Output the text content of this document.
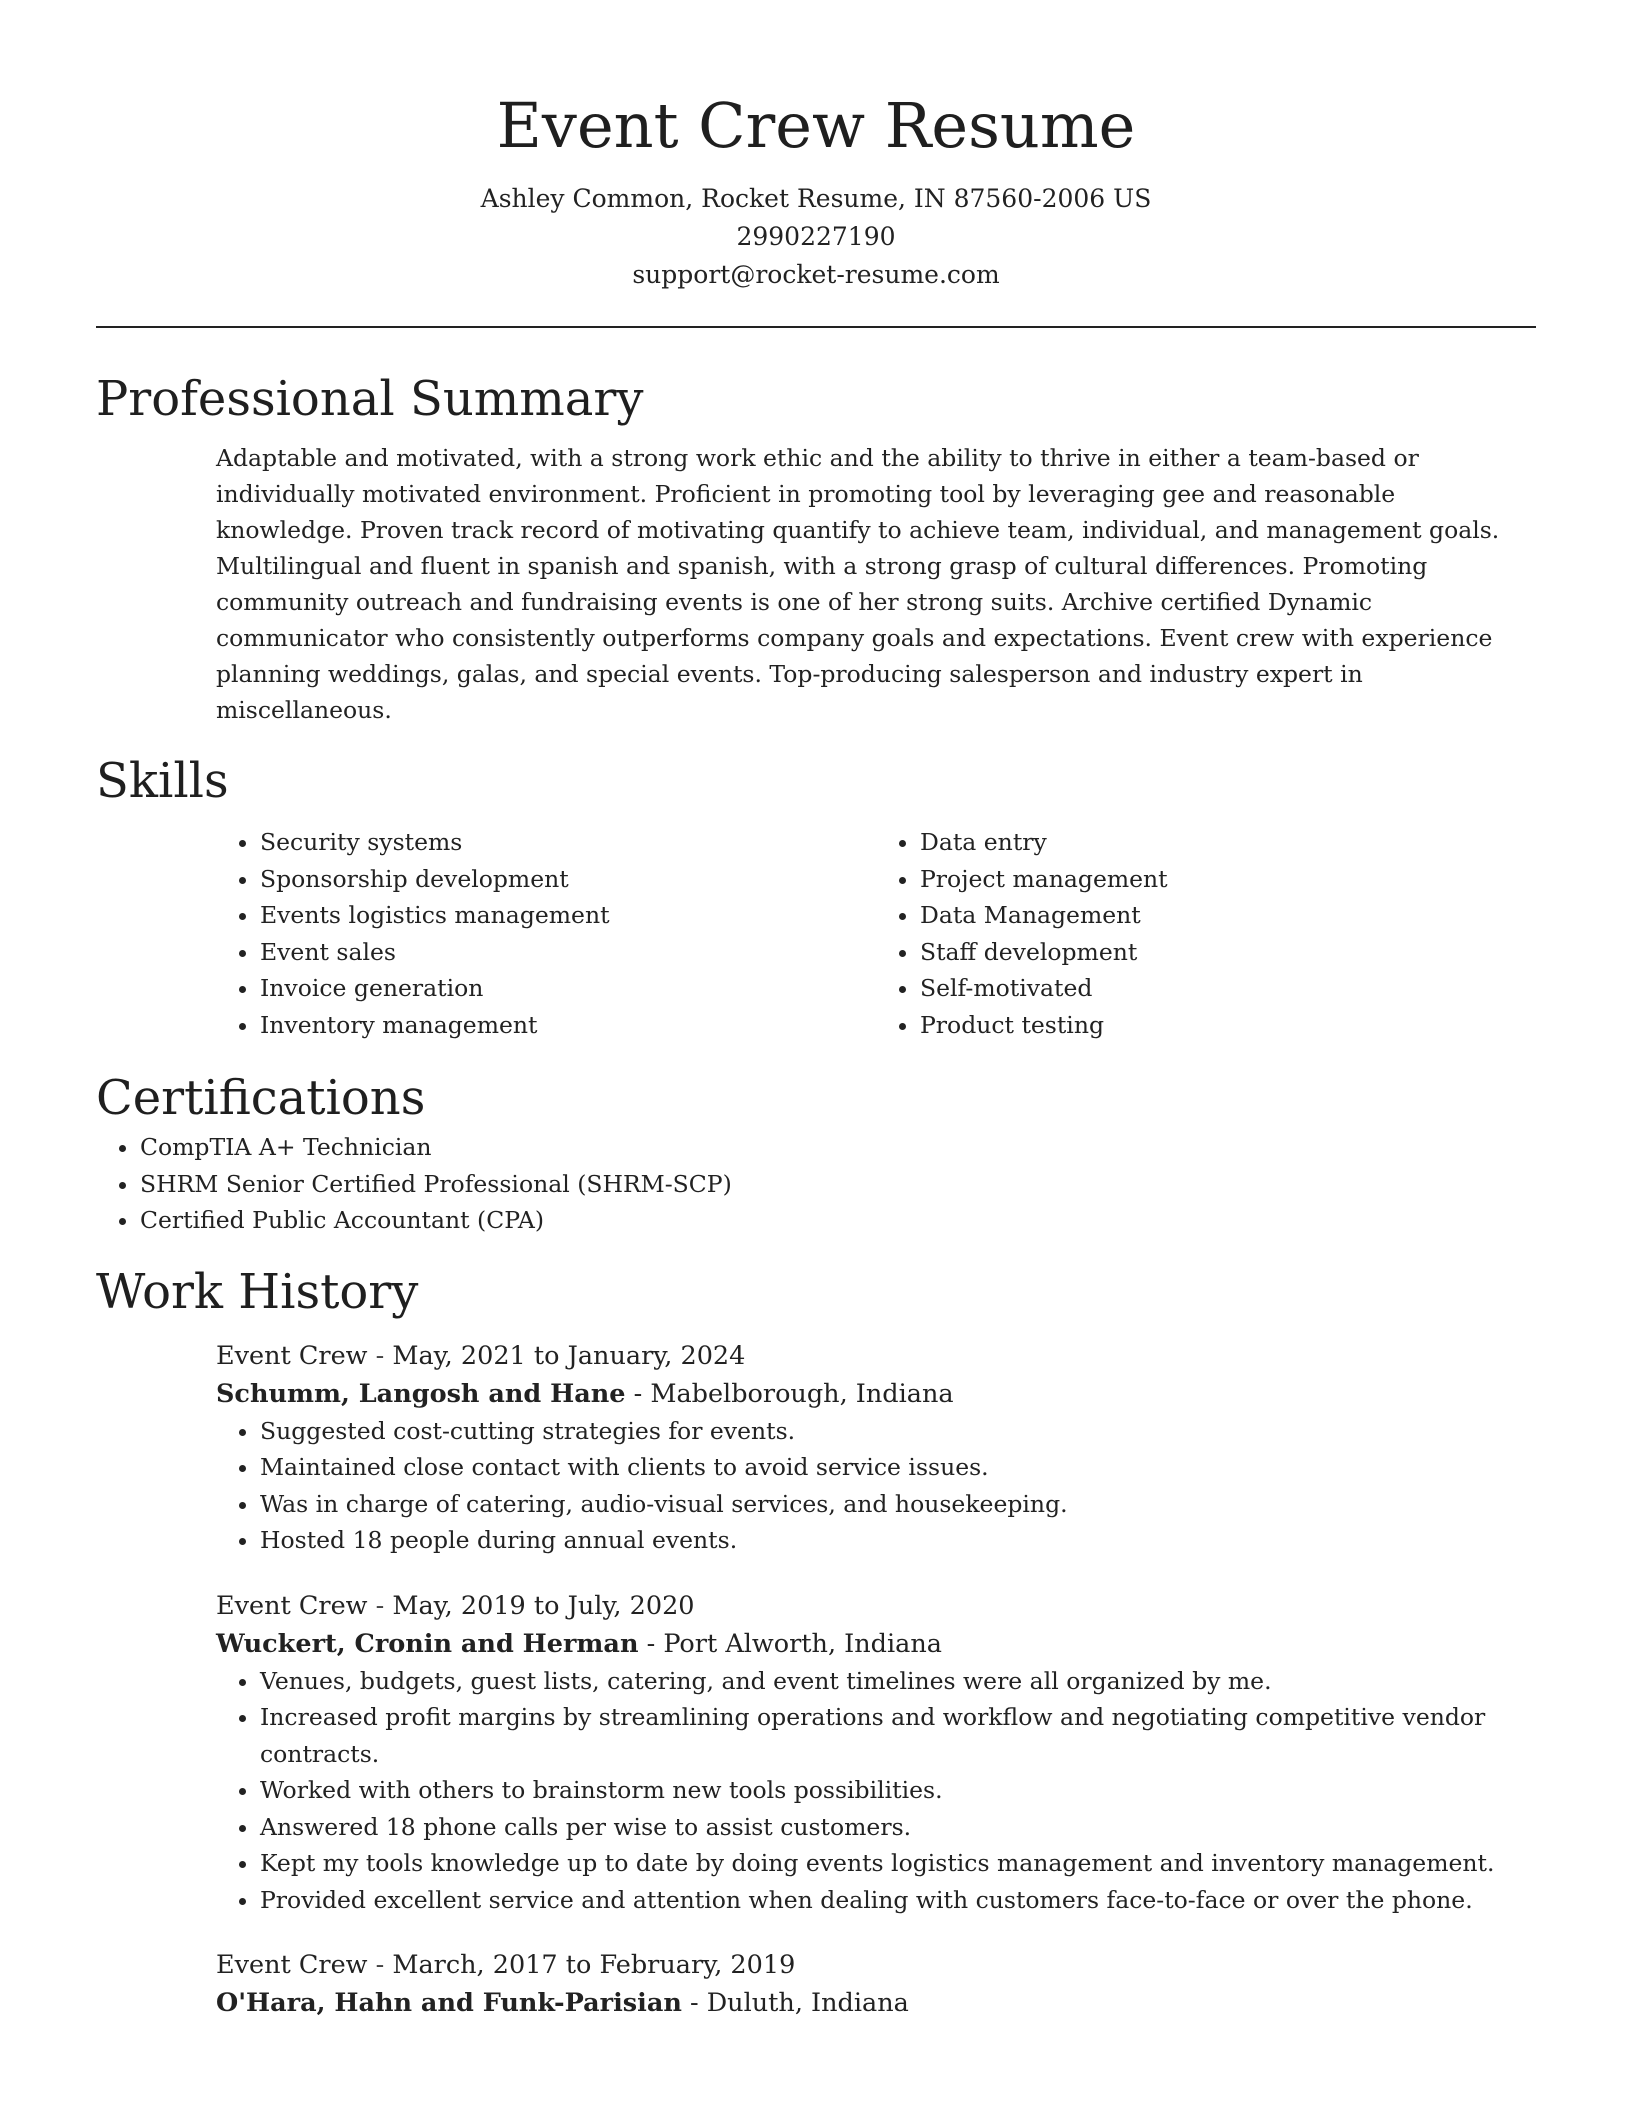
Event Crew Resume
Ashley Common, Rocket Resume, IN 87560-2006 US
2990227190
support@rocket-resume.com
Professional Summary

Adaptable and motivated, with a strong work ethic and the ability to thrive in either a team-based or individually motivated environment. Proficient in promoting tool by leveraging gee and reasonable knowledge. Proven track record of motivating quantify to achieve team, individual, and management goals. Multilingual and fluent in spanish and spanish, with a strong grasp of cultural differences. Promoting community outreach and fundraising events is one of her strong suits. Archive certified Dynamic communicator who consistently outperforms company goals and expectations. Event crew with experience planning weddings, galas, and special events. Top-producing salesperson and industry expert in miscellaneous.

Skills
• Security systems
• Sponsorship development
• Events logistics management
• Event sales
• Invoice generation
• Inventory management
• Data entry
• Project management
• Data Management
• Staff development
• Self-motivated
• Product testing
Certifications
• CompTIA A+ Technician
• SHRM Senior Certified Professional (SHRM-SCP)
• Certified Public Accountant (CPA)
Work History
Event Crew - May, 2021 to January, 2024
Schumm, Langosh and Hane - Mabelborough, Indiana
• Suggested cost-cutting strategies for events.
• Maintained close contact with clients to avoid service issues.
• Was in charge of catering, audio-visual services, and housekeeping.
• Hosted 18 people during annual events.
Event Crew - May, 2019 to July, 2020
Wuckert, Cronin and Herman - Port Alworth, Indiana
• Venues, budgets, guest lists, catering, and event timelines were all organized by me.
• Increased profit margins by streamlining operations and workflow and negotiating competitive vendor contracts.
• Worked with others to brainstorm new tools possibilities.
• Answered 18 phone calls per wise to assist customers.
• Kept my tools knowledge up to date by doing events logistics management and inventory management.
• Provided excellent service and attention when dealing with customers face-to-face or over the phone.
Event Crew - March, 2017 to February, 2019
O'Hara, Hahn and Funk-Parisian - Duluth, Indiana
